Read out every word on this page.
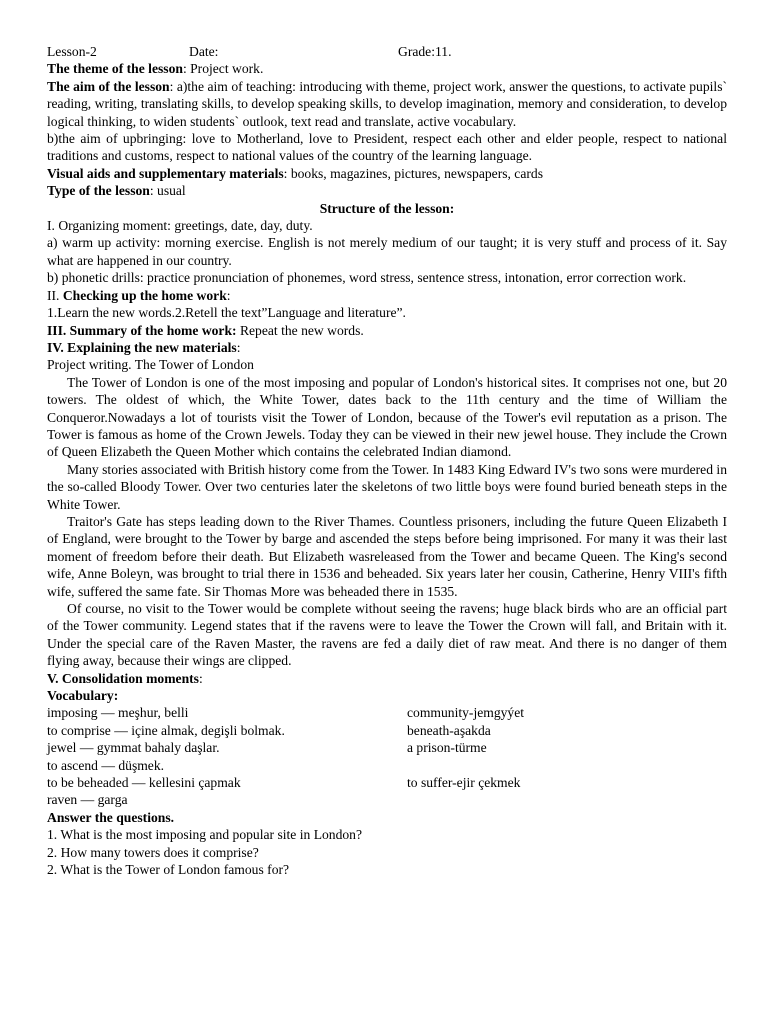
Lesson-2	Date:	Grade:11.
The theme of the lesson: Project work.
The aim of the lesson: a)the aim of teaching: introducing with theme, project work, answer the questions, to activate pupils` reading, writing, translating skills, to develop speaking skills, to develop imagination, memory and consideration, to develop logical thinking, to widen students` outlook, text read and translate, active vocabulary.
b)the aim of upbringing: love to Motherland, love to President, respect each other and elder people, respect to national traditions and customs, respect to national values of the country of the learning language.
Visual aids and supplementary materials: books, magazines, pictures, newspapers, cards
Type of the lesson: usual
Structure of the lesson:
I. Organizing moment: greetings, date, day, duty.
a) warm up activity: morning exercise. English is not merely medium of our taught; it is very stuff and process of it. Say what are happened in our country.
b) phonetic drills: practice pronunciation of phonemes, word stress, sentence stress, intonation, error correction work.
II. Checking up the home work:
1.Learn the new words.2.Retell the text”Language and literature”.
III. Summary of the home work: Repeat the new words.
IV. Explaining the new materials:
Project writing. The Tower of London
The Tower of London is one of the most imposing and popular of London's historical sites. It comprises not one, but 20 towers. The oldest of which, the White Tower, dates back to the 11th century and the time of William the Conqueror.Nowadays a lot of tourists visit the Tower of London, because of the Tower's evil reputation as a prison. The Tower is famous as home of the Crown Jewels. Today they can be viewed in their new jewel house. They include the Crown of Queen Elizabeth the Queen Mother which contains the celebrated Indian diamond.
Many stories associated with British history come from the Tower. In 1483 King Edward IV's two sons were murdered in the so-called Bloody Tower. Over two centuries later the skeletons of two little boys were found buried beneath steps in the White Tower.
Traitor's Gate has steps leading down to the River Thames. Countless prisoners, including the future Queen Elizabeth I of England, were brought to the Tower by barge and ascended the steps before being imprisoned. For many it was their last moment of freedom before their death. But Elizabeth wasreleased from the Tower and became Queen. The King's second wife, Anne Boleyn, was brought to trial there in 1536 and beheaded. Six years later her cousin, Catherine, Henry VIII's fifth wife, suffered the same fate. Sir Thomas More was beheaded there in 1535.
Of course, no visit to the Tower would be complete without seeing the ravens; huge black birds who are an official part of the Tower community. Legend states that if the ravens were to leave the Tower the Crown will fall, and Britain with it. Under the special care of the Raven Master, the ravens are fed a daily diet of raw meat. And there is no danger of them flying away, because their wings are clipped.
V. Consolidation moments:
Vocabulary:
imposing — meşhur, belli	community-jemgyýet
to comprise — içine almak, degişli bolmak.	beneath-aşakda
jewel — gymmat bahaly daşlar.	a prison-türme
to ascend — düşmek.
to be beheaded — kellesini çapmak	to suffer-ejir çekmek
raven — garga
Answer the questions.
1. What is the most imposing and popular site in London?
2. How many towers does it comprise?
2. What is the Tower of London famous for?
